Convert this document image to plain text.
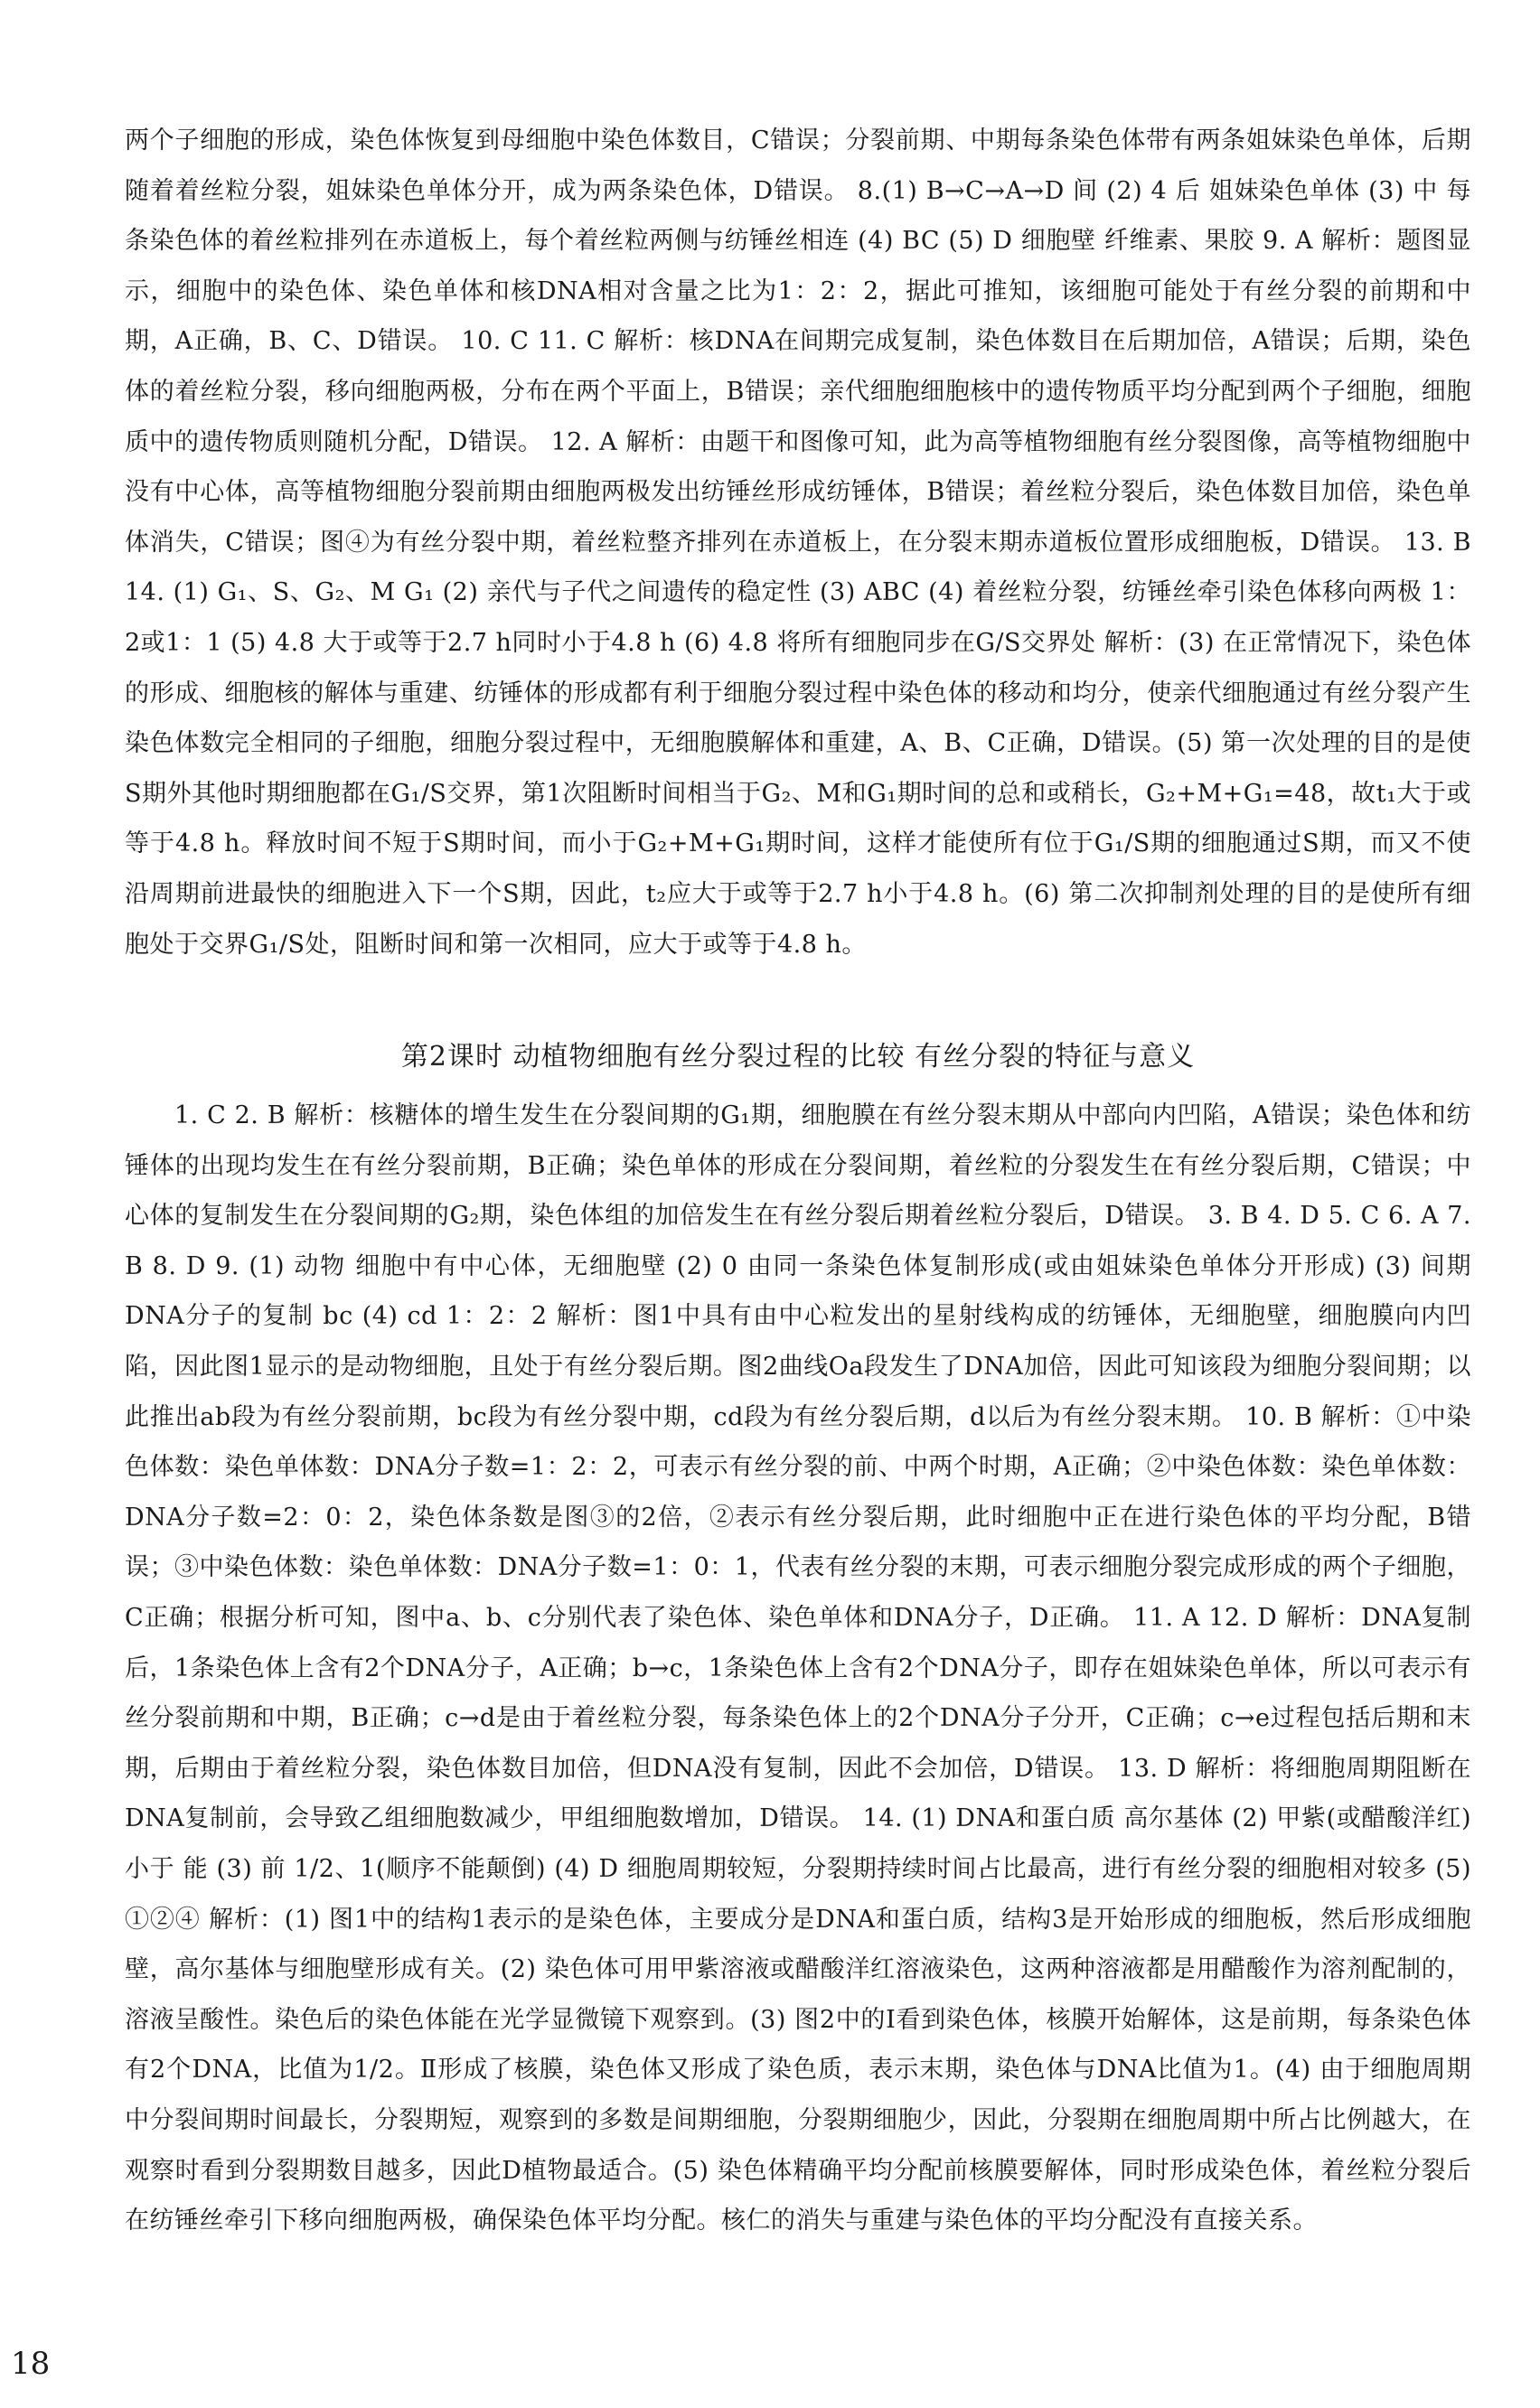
两个子细胞的形成，染色体恢复到母细胞中染色体数目，C错误；分裂前期、中期每条染色体带有两条姐妹染色单体，后期随着着丝粒分裂，姐妹染色单体分开，成为两条染色体，D错误。 8.(1) B→C→A→D 间 (2) 4 后 姐妹染色单体 (3) 中 每条染色体的着丝粒排列在赤道板上，每个着丝粒两侧与纺锤丝相连 (4) BC (5) D 细胞壁 纤维素、果胶 9. A 解析：题图显示，细胞中的染色体、染色单体和核DNA相对含量之比为1：2：2，据此可推知，该细胞可能处于有丝分裂的前期和中期，A正确，B、C、D错误。 10. C 11. C 解析：核DNA在间期完成复制，染色体数目在后期加倍，A错误；后期，染色体的着丝粒分裂，移向细胞两极，分布在两个平面上，B错误；亲代细胞细胞核中的遗传物质平均分配到两个子细胞，细胞质中的遗传物质则随机分配，D错误。 12. A 解析：由题干和图像可知，此为高等植物细胞有丝分裂图像，高等植物细胞中没有中心体，高等植物细胞分裂前期由细胞两极发出纺锤丝形成纺锤体，B错误；着丝粒分裂后，染色体数目加倍，染色单体消失，C错误；图④为有丝分裂中期，着丝粒整齐排列在赤道板上，在分裂末期赤道板位置形成细胞板，D错误。 13. B 14. (1) G₁、S、G₂、M G₁ (2) 亲代与子代之间遗传的稳定性 (3) ABC (4) 着丝粒分裂，纺锤丝牵引染色体移向两极 1：2或1：1 (5) 4.8 大于或等于2.7 h同时小于4.8 h (6) 4.8 将所有细胞同步在G/S交界处 解析：(3) 在正常情况下，染色体的形成、细胞核的解体与重建、纺锤体的形成都有利于细胞分裂过程中染色体的移动和均分，使亲代细胞通过有丝分裂产生染色体数完全相同的子细胞，细胞分裂过程中，无细胞膜解体和重建，A、B、C正确，D错误。(5) 第一次处理的目的是使S期外其他时期细胞都在G₁/S交界，第1次阻断时间相当于G₂、M和G₁期时间的总和或稍长，G₂+M+G₁=48，故t₁大于或等于4.8 h。释放时间不短于S期时间，而小于G₂+M+G₁期时间，这样才能使所有位于G₁/S期的细胞通过S期，而又不使沿周期前进最快的细胞进入下一个S期，因此，t₂应大于或等于2.7 h小于4.8 h。(6) 第二次抑制剂处理的目的是使所有细胞处于交界G₁/S处，阻断时间和第一次相同，应大于或等于4.8 h。

第2课时 动植物细胞有丝分裂过程的比较 有丝分裂的特征与意义

1. C 2. B 解析：核糖体的增生发生在分裂间期的G₁期，细胞膜在有丝分裂末期从中部向内凹陷，A错误；染色体和纺锤体的出现均发生在有丝分裂前期，B正确；染色单体的形成在分裂间期，着丝粒的分裂发生在有丝分裂后期，C错误；中心体的复制发生在分裂间期的G₂期，染色体组的加倍发生在有丝分裂后期着丝粒分裂后，D错误。 3. B 4. D 5. C 6. A 7. B 8. D 9. (1) 动物 细胞中有中心体，无细胞壁 (2) 0 由同一条染色体复制形成(或由姐妹染色单体分开形成) (3) 间期DNA分子的复制 bc (4) cd 1：2：2 解析：图1中具有由中心粒发出的星射线构成的纺锤体，无细胞壁，细胞膜向内凹陷，因此图1显示的是动物细胞，且处于有丝分裂后期。图2曲线Oa段发生了DNA加倍，因此可知该段为细胞分裂间期；以此推出ab段为有丝分裂前期，bc段为有丝分裂中期，cd段为有丝分裂后期，d以后为有丝分裂末期。 10. B 解析：①中染色体数：染色单体数：DNA分子数=1：2：2，可表示有丝分裂的前、中两个时期，A正确；②中染色体数：染色单体数：DNA分子数=2：0：2，染色体条数是图③的2倍，②表示有丝分裂后期，此时细胞中正在进行染色体的平均分配，B错误；③中染色体数：染色单体数：DNA分子数=1：0：1，代表有丝分裂的末期，可表示细胞分裂完成形成的两个子细胞，C正确；根据分析可知，图中a、b、c分别代表了染色体、染色单体和DNA分子，D正确。 11. A 12. D 解析：DNA复制后，1条染色体上含有2个DNA分子，A正确；b→c，1条染色体上含有2个DNA分子，即存在姐妹染色单体，所以可表示有丝分裂前期和中期，B正确；c→d是由于着丝粒分裂，每条染色体上的2个DNA分子分开，C正确；c→e过程包括后期和末期，后期由于着丝粒分裂，染色体数目加倍，但DNA没有复制，因此不会加倍，D错误。 13. D 解析：将细胞周期阻断在DNA复制前，会导致乙组细胞数减少，甲组细胞数增加，D错误。 14. (1) DNA和蛋白质 高尔基体 (2) 甲紫(或醋酸洋红) 小于 能 (3) 前 1/2、1(顺序不能颠倒) (4) D 细胞周期较短，分裂期持续时间占比最高，进行有丝分裂的细胞相对较多 (5) ①②④ 解析：(1) 图1中的结构1表示的是染色体，主要成分是DNA和蛋白质，结构3是开始形成的细胞板，然后形成细胞壁，高尔基体与细胞壁形成有关。(2) 染色体可用甲紫溶液或醋酸洋红溶液染色，这两种溶液都是用醋酸作为溶剂配制的，溶液呈酸性。染色后的染色体能在光学显微镜下观察到。(3) 图2中的Ⅰ看到染色体，核膜开始解体，这是前期，每条染色体有2个DNA，比值为1/2。Ⅱ形成了核膜，染色体又形成了染色质，表示末期，染色体与DNA比值为1。(4) 由于细胞周期中分裂间期时间最长，分裂期短，观察到的多数是间期细胞，分裂期细胞少，因此，分裂期在细胞周期中所占比例越大，在观察时看到分裂期数目越多，因此D植物最适合。(5) 染色体精确平均分配前核膜要解体，同时形成染色体，着丝粒分裂后在纺锤丝牵引下移向细胞两极，确保染色体平均分配。核仁的消失与重建与染色体的平均分配没有直接关系。

18
